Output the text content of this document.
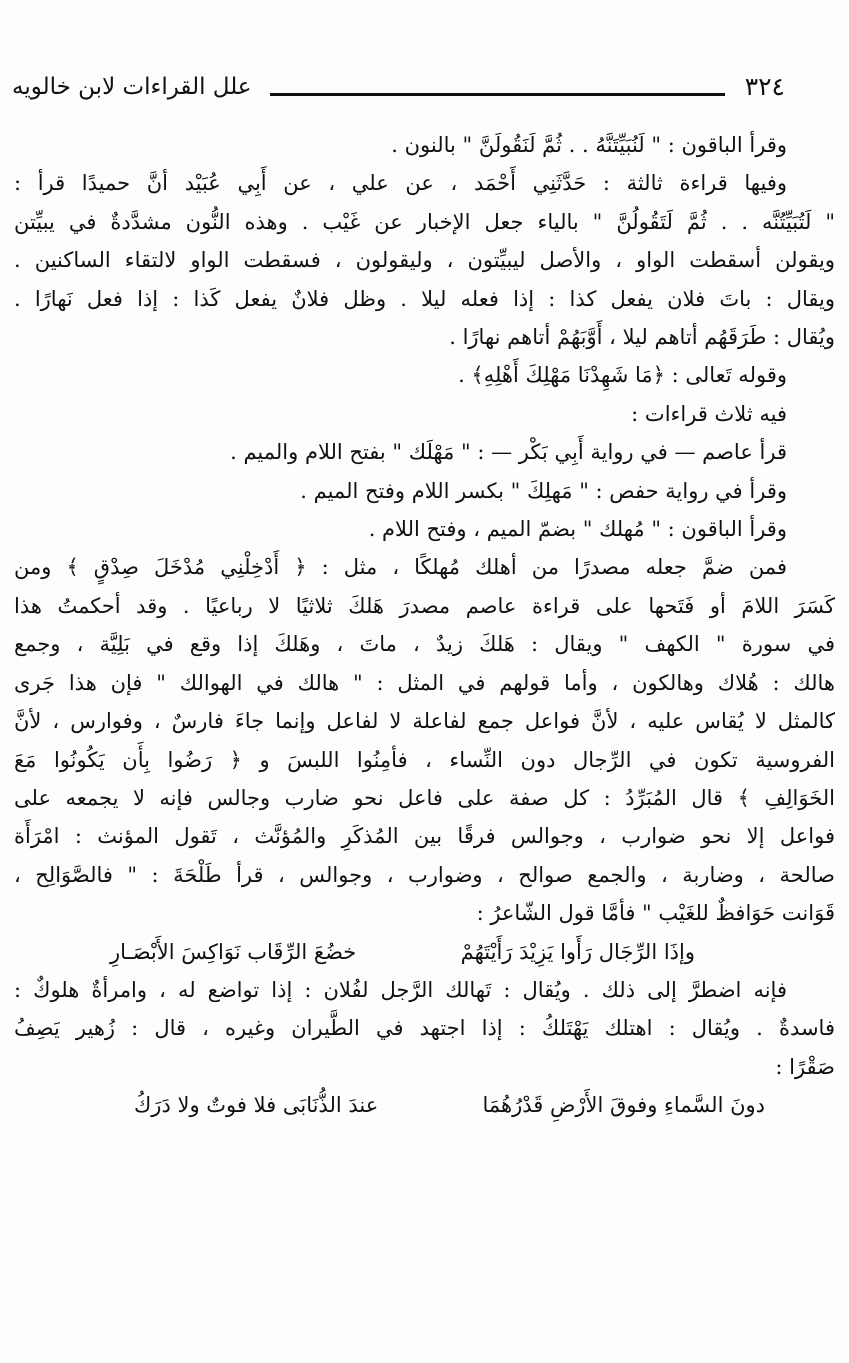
٣٢٤
علل القراءات لابن خالويه

وقرأ الباقون : " لَنُبَيِّتَنَّهُ . . ثُمَّ لَنَقُولَنَّ " بالنون .

وفيها قراءة ثالثة : حَدَّثَنِي أَحْمَد ، عن علي ، عن أَبِي عُبَيْد أنَّ حميدًا قرأ :

" لَتُبَيِّتُنَّه . . ثُمَّ لَتَقُولُنَّ " بالياء جعل الإخبار عن غَيْب . وهذه النُّون مشدَّدةٌ في يبيِّتن

ويقولن أسقطت الواو ، والأصل ليبيِّتون ، وليقولون ، فسقطت الواو لالتقاء الساكنين .

ويقال : باتَ فلان يفعل كذا : إذا فعله ليلا . وظل فلانٌ يفعل كَذا : إذا فعل نَهارًا .

ويُقال : طَرَقَهُم أتاهم ليلا ، أَوَّبَهُمْ أتاهم نهارًا .

وقوله تَعالى : ﴿مَا شَهِدْنَا مَهْلِكَ أَهْلِهِ﴾ .

فيه ثلاث قراءات :

قرأ عاصم — في رواية أَبِي بَكْر — : " مَهْلَك " بفتح اللام والميم .

وقرأ في رواية حفص : " مَهلِكَ " بكسر اللام وفتح الميم .

وقرأ الباقون : " مُهلك " بضمّ الميم ، وفتح اللام .

فمن ضمَّ جعله مصدرًا من أهلك مُهلكًا ، مثل : ﴿ أَدْخِلْنِي مُدْخَلَ صِدْقٍ ﴾ ومن

كَسَرَ اللامَ أو فَتَحها على قراءة عاصم مصدرَ هَلكَ ثلاثيًا لا رباعيًا . وقد أحكمتُ هذا

في سورة " الكهف " ويقال : هَلكَ زيدٌ ، ماتَ ، وهَلكَ إذا وقع في بَلِيَّة ، وجمع

هالك : هُلاك وهالكون ، وأما قولهم في المثل : " هالك في الهوالك " فإن هذا جَرى

كالمثل لا يُقاس عليه ، لأنَّ فواعل جمع لفاعلة لا لفاعل وإنما جاءَ فارسٌ ، وفوارس ، لأنَّ

الفروسية تكون في الرِّجال دون النِّساء ، فأمِنُوا اللبسَ و ﴿ رَضُوا بِأَن يَكُونُوا مَعَ

الخَوَالِفِ ﴾ قال المُبَرِّدُ : كل صفة على فاعل نحو ضارب وجالس فإنه لا يجمعه على

فواعل إلا نحو ضوارب ، وجوالس فرقًا بين المُذكَرِ والمُؤنَّث ، تَقول المؤنث : امْرَأَة

صالحة ، وضاربة ، والجمع صوالح ، وضوارب ، وجوالس ، قرأ طَلْحَةَ : " فالصَّوَالِح ،

قَوَانت حَوَافظٌ للغَيْب " فأمَّا قول الشّاعرُ :

وإذَا الرِّجَال رَأَوا يَزِيْدَ رَأَيْتَهُمْ
خضُعَ الرِّقَاب نَوَاكِسَ الأَبْصَـارِ

فإنه اضطرَّ إلى ذلك . ويُقال : تَهالك الرَّجل لفُلان : إذا تواضع له ، وامرأةٌ هلوكٌ :

فاسدةٌ . ويُقال : اهتلك يَهْتَلكُ : إذا اجتهد في الطَّيران وغيره ، قال : زُهير يَصِفُ

صَقْرًا :

دونَ السَّماءِ وفوقَ الأَرْضِ قَدْرُهُمَا
عندَ الذُّنَابَى فلا فوتٌ ولا دَرَكُ
